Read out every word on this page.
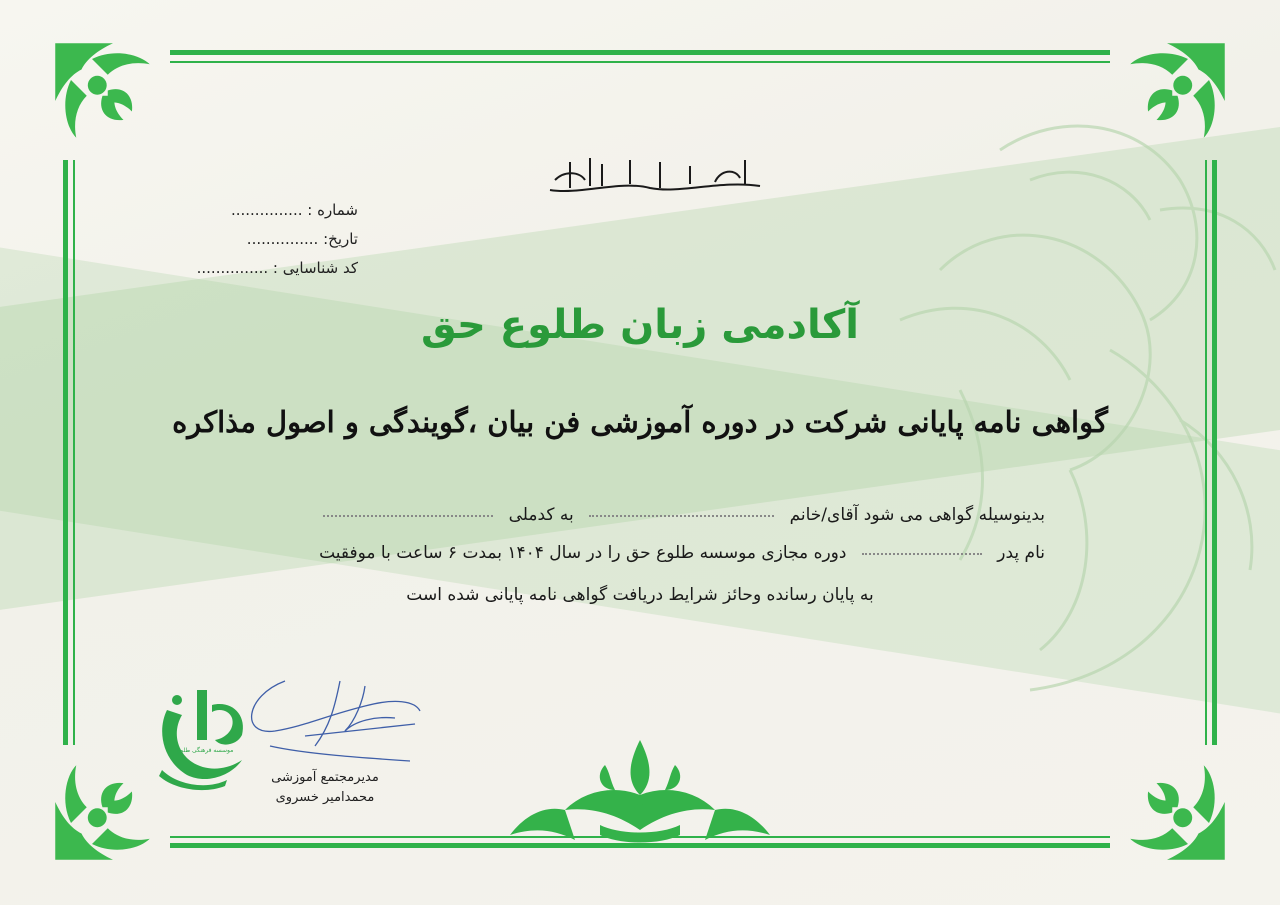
شماره : ...............
تاریخ: ...............
کد شناسایی : ...............
آکادمی زبان طلوع حق
گواهی نامه پایانی شرکت در دوره آموزشی فن بیان ،گویندگی و اصول مذاکره
بدینوسیله گواهی می شود آقای/خانم  به کدملی
نام پدر  دوره مجازی موسسه طلوع حق را در سال ۱۴۰۴ بمدت ۶ ساعت با موفقیت
به پایان رسانده وحائز شرایط دریافت گواهی نامه پایانی شده است
موسسه فرهنگی طلوع
مدیرمجتمع آموزشی
محمدامیر خسروی
